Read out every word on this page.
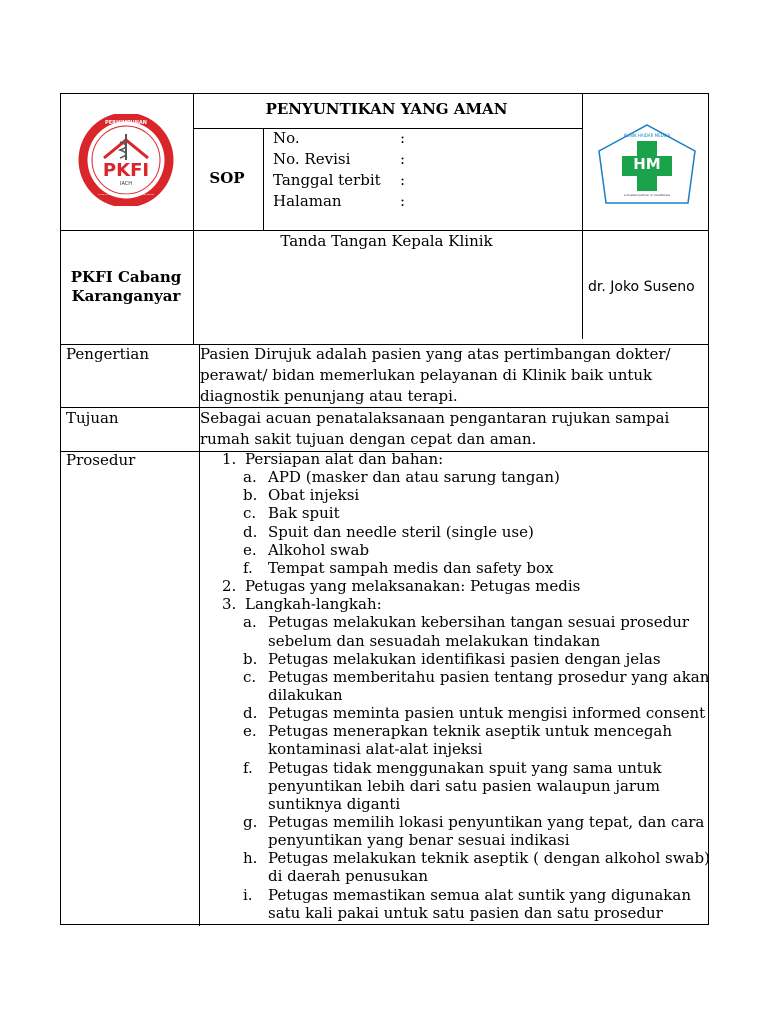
PERHIMPUNAN
PKFI
IACH
KLINIK & FASILITAS PELAYANAN KESEHATAN INDONESIA
PENYUNTIKAN YANG AMAN
SOP
No.	:
No. Revisi	:
Tanggal terbit :
Halaman	:
HM
KLINIK HAIDAR MEDIKA
a trusted partner in healthcare
PKFI Cabang
Karanganyar
Tanda Tangan Kepala Klinik
dr. Joko Suseno
Pengertian	Pasien Dirujuk adalah pasien yang atas pertimbangan dokter/
perawat/ bidan memerlukan pelayanan di Klinik baik untuk
diagnostik penunjang atau terapi.
Tujuan	Sebagai acuan penatalaksanaan pengantaran rujukan sampai
rumah sakit tujuan dengan cepat dan aman.
Prosedur	1. Persiapan alat dan bahan:
a. APD (masker dan atau sarung tangan)
b. Obat injeksi
c. Bak spuit
d. Spuit dan needle steril (single use)
e. Alkohol swab
f. Tempat sampah medis dan safety box
2. Petugas yang melaksanakan: Petugas medis
3. Langkah-langkah:
a. Petugas melakukan kebersihan tangan sesuai prosedur
sebelum dan sesuadah melakukan tindakan
b. Petugas melakukan identifikasi pasien dengan jelas
c. Petugas memberitahu pasien tentang prosedur yang akan
dilakukan
d. Petugas meminta pasien untuk mengisi informed consent
e. Petugas menerapkan teknik aseptik untuk mencegah
kontaminasi alat-alat injeksi
f. Petugas tidak menggunakan spuit yang sama untuk
penyuntikan lebih dari satu pasien walaupun jarum
suntiknya diganti
g. Petugas memilih lokasi penyuntikan yang tepat, dan cara
penyuntikan yang benar sesuai indikasi
h. Petugas melakukan teknik aseptik ( dengan alkohol swab)
di daerah penusukan
i. Petugas memastikan semua alat suntik yang digunakan
satu kali pakai untuk satu pasien dan satu prosedur
